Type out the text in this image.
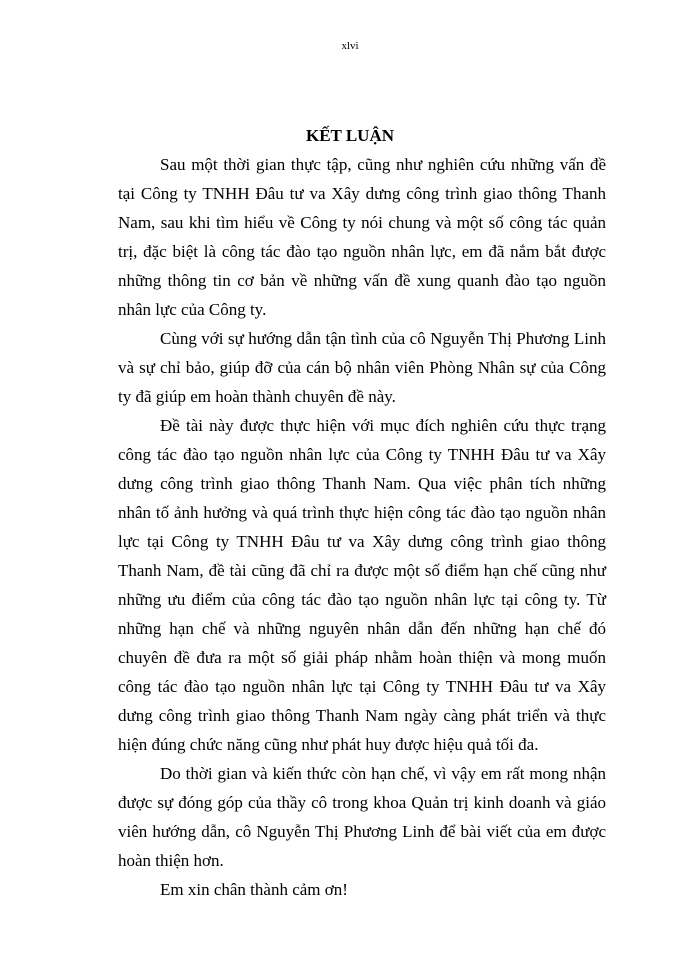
xlvi
KẾT LUẬN

Sau một thời gian thực tập, cũng như nghiên cứu những vấn đề tại Công ty TNHH Đâu tư va Xây dưng công trình giao thông Thanh Nam, sau khi tìm hiểu về Công ty nói chung và một số công tác quản trị, đặc biệt là công tác đào tạo nguồn nhân lực, em đã nắm bắt được những thông tin cơ bản về những vấn đề xung quanh đào tạo nguồn nhân lực của Công ty.

Cùng với sự hướng dẫn tận tình của cô Nguyễn Thị Phương Linh và sự chỉ bảo, giúp đỡ của cán bộ nhân viên Phòng Nhân sự của Công ty đã giúp em hoàn thành chuyên đề này.

Đề tài này được thực hiện với mục đích nghiên cứu thực trạng công tác đào tạo nguồn nhân lực của Công ty TNHH Đâu tư va Xây dưng công trình giao thông Thanh Nam. Qua việc phân tích những nhân tố ảnh hưởng và quá trình thực hiện công tác đào tạo nguồn nhân lực tại Công ty TNHH Đâu tư va Xây dưng công trình giao thông Thanh Nam, đề tài cũng đã chỉ ra được một số điểm hạn chế cũng như những ưu điểm của công tác đào tạo nguồn nhân lực tại công ty. Từ những hạn chế và những nguyên nhân dẫn đến những hạn chế đó chuyên đề đưa ra một số giải pháp nhằm hoàn thiện và mong muốn công tác đào tạo nguồn nhân lực tại Công ty TNHH Đâu tư va Xây dưng công trình giao thông Thanh Nam ngày càng phát triển và thực hiện đúng chức năng cũng như phát huy được hiệu quả tối đa.

Do thời gian và kiến thức còn hạn chế, vì vậy em rất mong nhận được sự đóng góp của thầy cô trong khoa Quản trị kinh doanh và giáo viên hướng dẫn, cô Nguyễn Thị Phương Linh để bài viết của em được hoàn thiện hơn.

Em xin chân thành cảm ơn!
